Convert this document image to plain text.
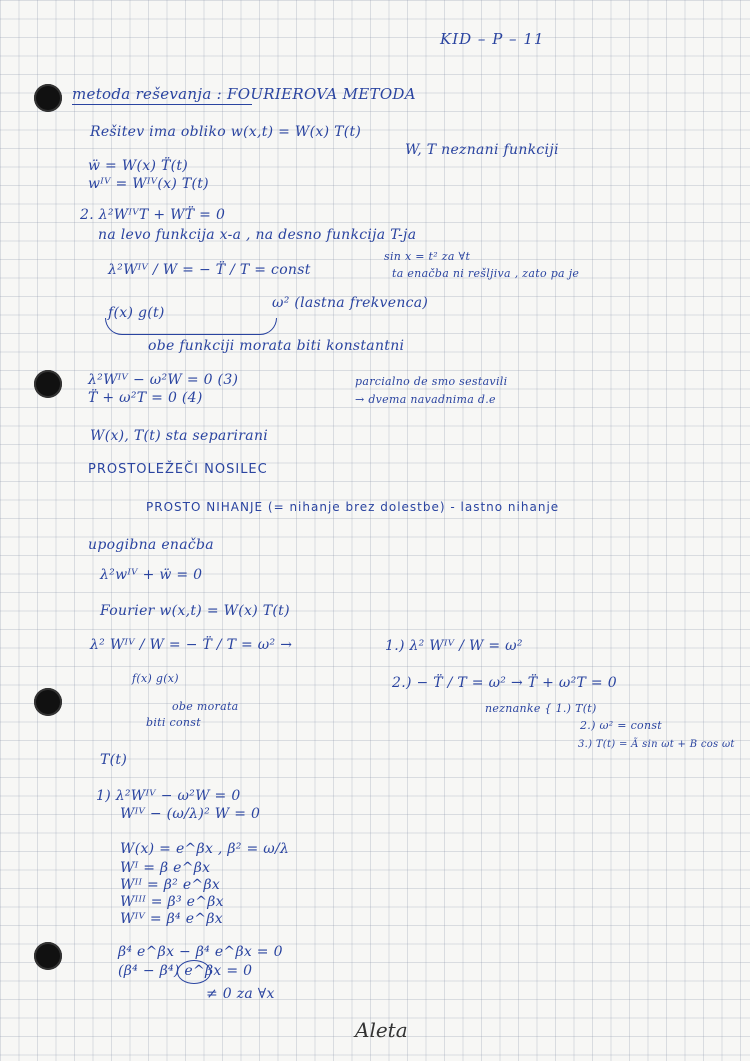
KID – P – 11
metoda reševanja : FOURIEROVA METODA
Rešitev ima obliko w(x,t) = W(x) T(t)
W, T neznani funkciji
ẅ = W(x) T̈(t)
wᴵⱽ = Wᴵⱽ(x) T(t)
2. λ²WᴵⱽT + WT̈ = 0
na levo funkcija x-a , na desno funkcija T-ja
sin x = t² za ∀t
ta enačba ni rešljiva , zato pa je
λ²Wᴵⱽ / W = − T̈ / T = const
ω² (lastna frekvenca)
f(x) g(t)
obe funkciji morata biti konstantni
λ²Wᴵⱽ − ω²W = 0 (3)
T̈ + ω²T = 0 (4)
parcialno de smo sestavili
→ dvema navadnima d.e
W(x), T(t) sta separirani
PROSTOLEŽEČI NOSILEC
PROSTO NIHANJE (= nihanje brez dolestbe) - lastno nihanje
upogibna enačba
λ²wᴵⱽ + ẅ = 0
Fourier w(x,t) = W(x) T(t)
λ² Wᴵⱽ / W = − T̈ / T = ω² →	1.) λ² Wᴵⱽ / W = ω²
f(x) g(x)	2.) − T̈ / T = ω² → T̈ + ω²T = 0
obe morata
biti const
neznanke { 1.) T(t)
2.) ω² = const
3.) T(t) = Ã sin ωt + B cos ωt
T(t)
1) λ²Wᴵⱽ − ω²W = 0
Wᴵⱽ − (ω/λ)² W = 0
W(x) = e^βx , β² = ω/λ
Wᴵ = β e^βx
Wᴵᴵ = β² e^βx
Wᴵᴵᴵ = β³ e^βx
Wᴵⱽ = β⁴ e^βx
β⁴ e^βx − β⁴ e^βx = 0
(β⁴ − β⁴) e^βx = 0
≠ 0 za ∀x
Aleta
